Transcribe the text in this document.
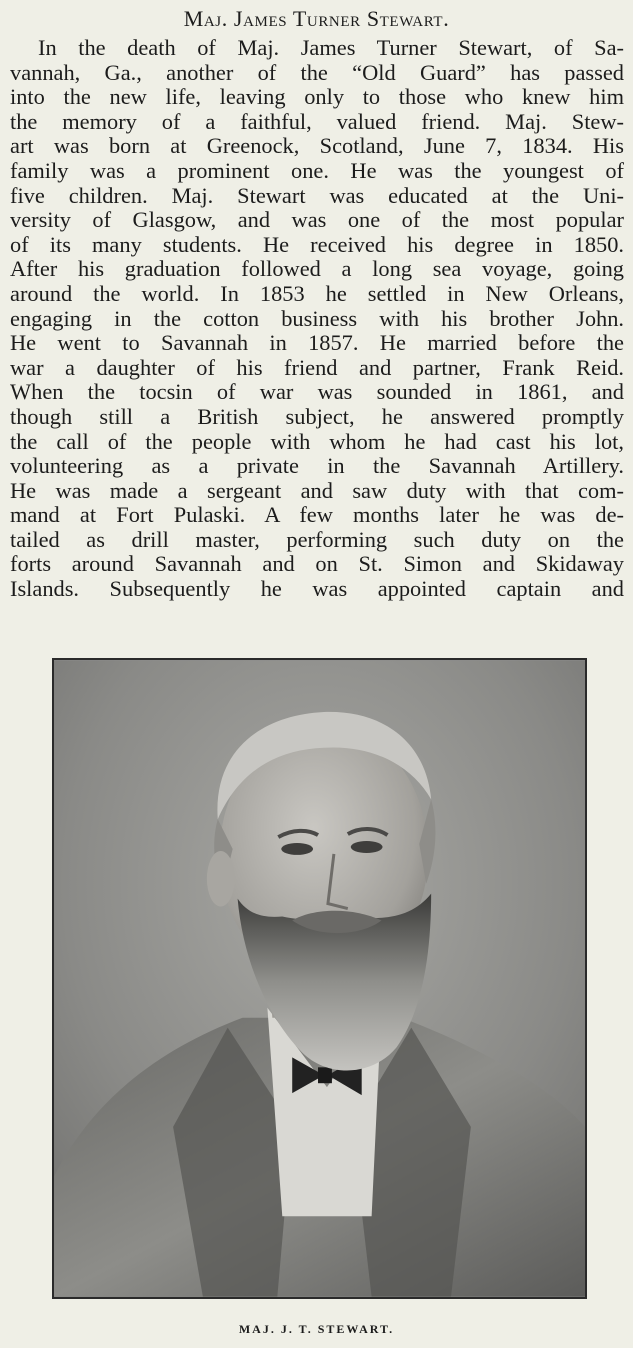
Maj. James Turner Stewart.
In the death of Maj. James Turner Stewart, of Sa-
vannah, Ga., another of the “Old Guard” has passed
into the new life, leaving only to those who knew him
the memory of a faithful, valued friend. Maj. Stew-
art was born at Greenock, Scotland, June 7, 1834. His
family was a prominent one. He was the youngest of
five children. Maj. Stewart was educated at the Uni-
versity of Glasgow, and was one of the most popular
of its many students. He received his degree in 1850.
After his graduation followed a long sea voyage, going
around the world. In 1853 he settled in New Orleans,
engaging in the cotton business with his brother John.
He went to Savannah in 1857. He married before the
war a daughter of his friend and partner, Frank Reid.
When the tocsin of war was sounded in 1861, and
though still a British subject, he answered promptly
the call of the people with whom he had cast his lot,
volunteering as a private in the Savannah Artillery.
He was made a sergeant and saw duty with that com-
mand at Fort Pulaski. A few months later he was de-
tailed as drill master, performing such duty on the
forts around Savannah and on St. Simon and Skidaway
Islands. Subsequently he was appointed captain and
MAJ. J. T. STEWART.
